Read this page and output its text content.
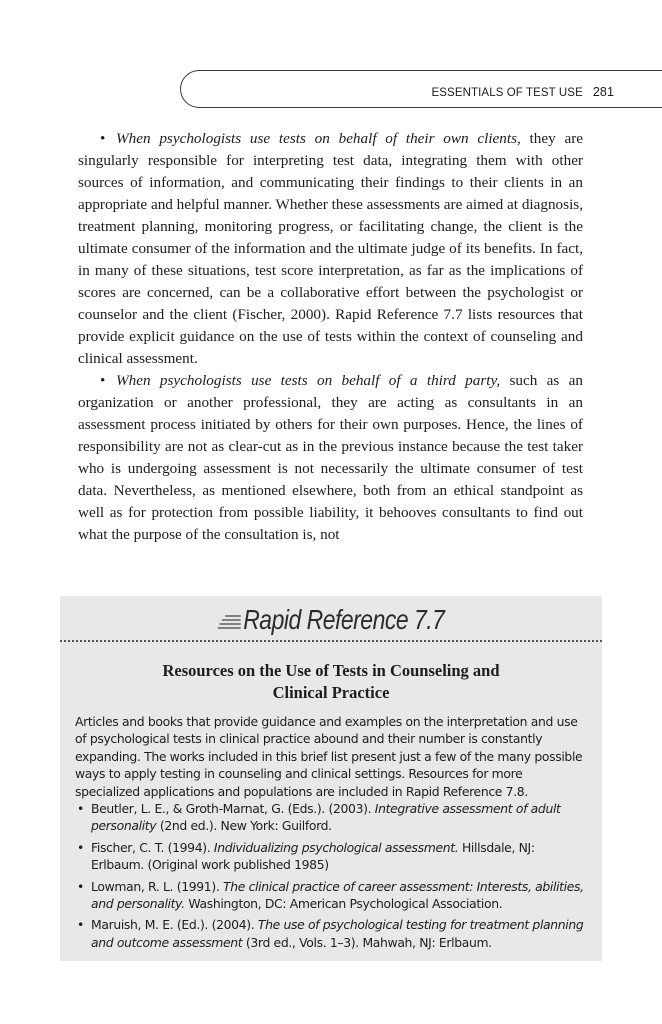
ESSENTIALS OF TEST USE 281

• When psychologists use tests on behalf of their own clients, they are singularly responsible for interpreting test data, integrating them with other sources of information, and communicating their findings to their clients in an appropriate and helpful manner. Whether these assessments are aimed at diagnosis, treatment planning, monitoring progress, or facilitating change, the client is the ultimate consumer of the information and the ultimate judge of its benefits. In fact, in many of these situations, test score interpretation, as far as the implications of scores are concerned, can be a collaborative effort between the psychologist or counselor and the client (Fischer, 2000). Rapid Reference 7.7 lists resources that provide explicit guidance on the use of tests within the context of counseling and clinical assessment.

• When psychologists use tests on behalf of a third party, such as an organization or another professional, they are acting as consultants in an assessment process initiated by others for their own purposes. Hence, the lines of responsibility are not as clear-cut as in the previous instance because the test taker who is undergoing assessment is not necessarily the ultimate consumer of test data. Nevertheless, as mentioned elsewhere, both from an ethical standpoint as well as for protection from possible liability, it behooves consultants to find out what the purpose of the consultation is, not

Rapid Reference 7.7
Resources on the Use of Tests in Counseling and
Clinical Practice
Articles and books that provide guidance and examples on the interpretation and use of psychological tests in clinical practice abound and their number is constantly expanding. The works included in this brief list present just a few of the many possible ways to apply testing in counseling and clinical settings. Resources for more specialized applications and populations are included in Rapid Reference 7.8.
• Beutler, L. E., & Groth-Marnat, G. (Eds.). (2003). Integrative assessment of adult personality (2nd ed.). New York: Guilford.
• Fischer, C. T. (1994). Individualizing psychological assessment. Hillsdale, NJ: Erlbaum. (Original work published 1985)
• Lowman, R. L. (1991). The clinical practice of career assessment: Interests, abilities, and personality. Washington, DC: American Psychological Association.
• Maruish, M. E. (Ed.). (2004). The use of psychological testing for treatment planning and outcome assessment (3rd ed., Vols. 1–3). Mahwah, NJ: Erlbaum.
